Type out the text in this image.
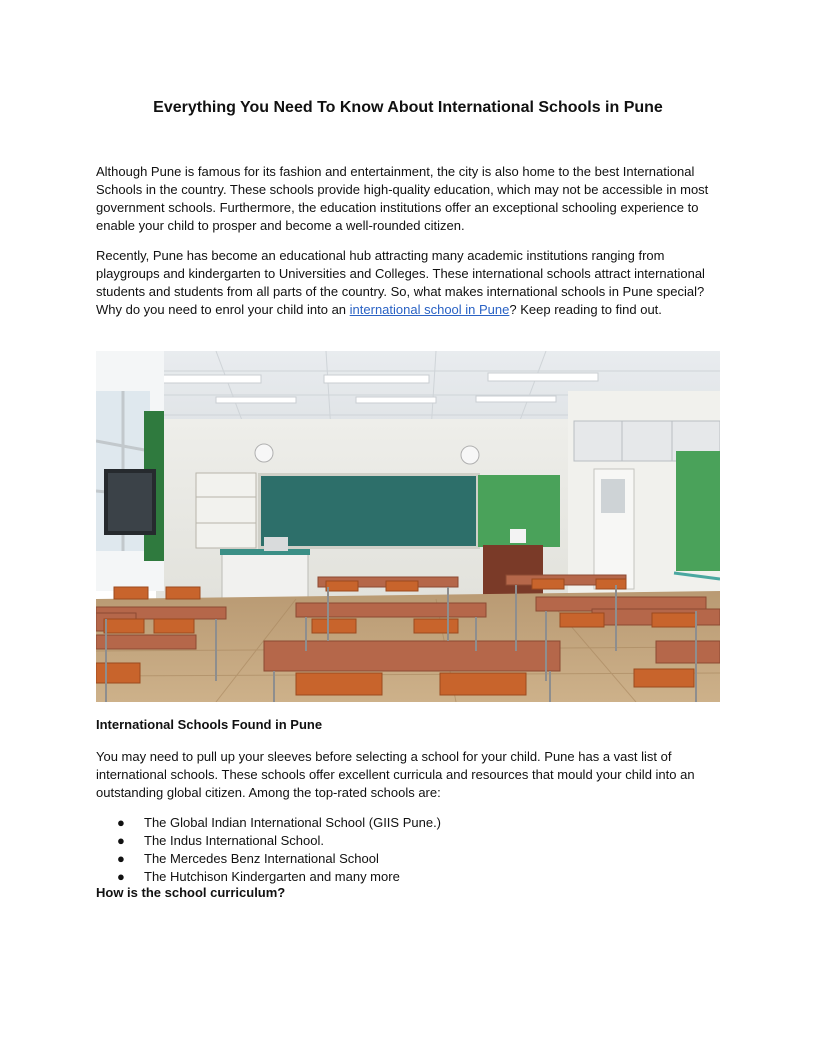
Everything You Need To Know About International Schools in Pune

Although Pune is famous for its fashion and entertainment, the city is also home to the best International Schools in the country. These schools provide high-quality education, which may not be accessible in most government schools. Furthermore, the education institutions offer an exceptional schooling experience to enable your child to prosper and become a well-rounded citizen.

Recently, Pune has become an educational hub attracting many academic institutions ranging from playgroups and kindergarten to Universities and Colleges. These international schools attract international students and students from all parts of the country. So, what makes international schools in Pune special? Why do you need to enrol your child into an international school in Pune? Keep reading to find out.

International Schools Found in Pune

You may need to pull up your sleeves before selecting a school for your child. Pune has a vast list of international schools. These schools offer excellent curricula and resources that mould your child into an outstanding global citizen. Among the top-rated schools are:

● The Global Indian International School (GIIS Pune.)
● The Indus International School.
● The Mercedes Benz International School
● The Hutchison Kindergarten and many more
How is the school curriculum?
